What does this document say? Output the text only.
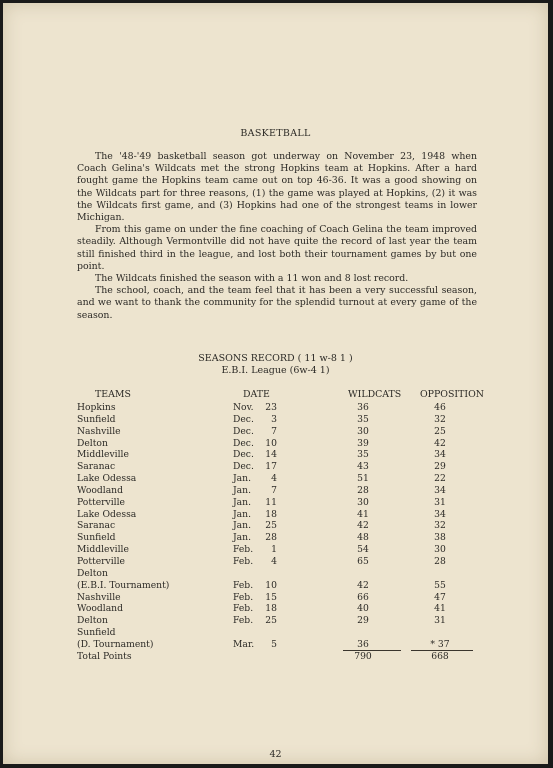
BASKETBALL

The '48-'49 basketball season got underway on November 23, 1948 when Coach Gelina's Wildcats met the strong Hopkins team at Hopkins. After a hard fought game the Hopkins team came out on top 46-36. It was a good showing on the Wildcats part for three reasons, (1) the game was played at Hopkins, (2) it was the Wildcats first game, and (3) Hopkins had one of the strongest teams in lower Michigan.

From this game on under the fine coaching of Coach Gelina the team improved steadily. Although Vermontville did not have quite the record of last year the team still finished third in the league, and lost both their tournament games by but one point.

The Wildcats finished the season with a 11 won and 8 lost record.

The school, coach, and the team feel that it has been a very successful season, and we want to thank the community for the splendid turnout at every game of the season.

SEASONS RECORD ( 11 w-8 1 )
E.B.I. League (6w-4 1)
TEAMS	DATE	WILDCATS OPPOSITION
Hopkins	Nov.	23	36	46
Sunfield	Dec.	3	35	32
Nashville	Dec.	7	30	25
Delton	Dec.	10	39	42
Middleville	Dec.	14	35	34
Saranac	Dec.	17	43	29
Lake Odessa	Jan.	4	51	22
Woodland	Jan.	7	28	34
Potterville	Jan.	11	30	31
Lake Odessa	Jan.	18	41	34
Saranac	Jan.	25	42	32
Sunfield	Jan.	28	48	38
Middleville	Feb.	1	54	30
Potterville	Feb.	4	65	28
Delton
(E.B.I. Tournament)	Feb.	10	42	55
Nashville	Feb.	15	66	47
Woodland	Feb.	18	40	41
Delton	Feb.	25	29	31
Sunfield
(D. Tournament)	Mar.	5	36	* 37
Total Points	790	668
42
